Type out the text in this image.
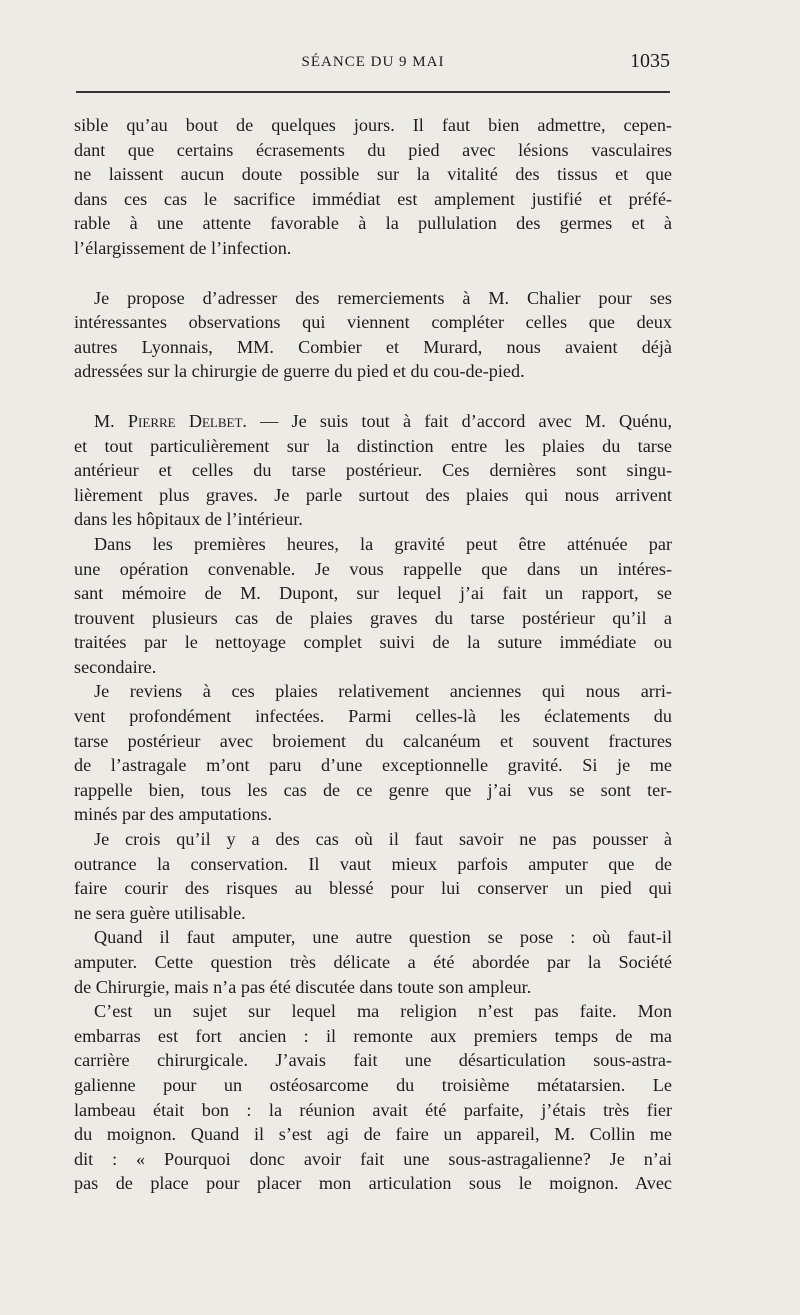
SÉANCE DU 9 MAI	1035

sible qu’au bout de quelques jours. Il faut bien admettre, cepen-
dant que certains écrasements du pied avec lésions vasculaires
ne laissent aucun doute possible sur la vitalité des tissus et que
dans ces cas le sacrifice immédiat est amplement justifié et préfé-
rable à une attente favorable à la pullulation des germes et à
l’élargissement de l’infection.

Je propose d’adresser des remerciements à M. Chalier pour ses
intéressantes observations qui viennent compléter celles que deux
autres Lyonnais, MM. Combier et Murard, nous avaient déjà
adressées sur la chirurgie de guerre du pied et du cou-de-pied.

M. Pierre Delbet. — Je suis tout à fait d’accord avec M. Quénu,
et tout particulièrement sur la distinction entre les plaies du tarse
antérieur et celles du tarse postérieur. Ces dernières sont singu-
lièrement plus graves. Je parle surtout des plaies qui nous arrivent
dans les hôpitaux de l’intérieur.

Dans les premières heures, la gravité peut être atténuée par
une opération convenable. Je vous rappelle que dans un intéres-
sant mémoire de M. Dupont, sur lequel j’ai fait un rapport, se
trouvent plusieurs cas de plaies graves du tarse postérieur qu’il a
traitées par le nettoyage complet suivi de la suture immédiate ou
secondaire.

Je reviens à ces plaies relativement anciennes qui nous arri-
vent profondément infectées. Parmi celles-là les éclatements du
tarse postérieur avec broiement du calcanéum et souvent fractures
de l’astragale m’ont paru d’une exceptionnelle gravité. Si je me
rappelle bien, tous les cas de ce genre que j’ai vus se sont ter-
minés par des amputations.

Je crois qu’il y a des cas où il faut savoir ne pas pousser à
outrance la conservation. Il vaut mieux parfois amputer que de
faire courir des risques au blessé pour lui conserver un pied qui
ne sera guère utilisable.

Quand il faut amputer, une autre question se pose : où faut-il
amputer. Cette question très délicate a été abordée par la Société
de Chirurgie, mais n’a pas été discutée dans toute son ampleur.

C’est un sujet sur lequel ma religion n’est pas faite. Mon
embarras est fort ancien : il remonte aux premiers temps de ma
carrière chirurgicale. J’avais fait une désarticulation sous-astra-
galienne pour un ostéosarcome du troisième métatarsien. Le
lambeau était bon : la réunion avait été parfaite, j’étais très fier
du moignon. Quand il s’est agi de faire un appareil, M. Collin me
dit : « Pourquoi donc avoir fait une sous-astragalienne? Je n’ai
pas de place pour placer mon articulation sous le moignon. Avec
